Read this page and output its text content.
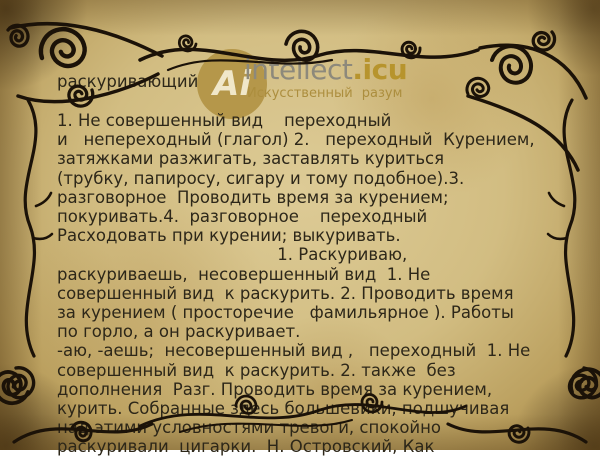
Ai
intellect.icu
Искусственный разум
раскуривающий
1. Не совершенный вид    переходный
и   непереходный (глагол) 2.   переходный  Курением,
затяжками разжигать, заставлять куриться
(трубку, папиросу, сигару и тому подобное).3.
разговорное  Проводить время за курением;
покуривать.4.  разговорное    переходный
Расходовать при курении; выкуривать.
1. Раскуриваю,
раскуриваешь,  несовершенный вид  1. Не
совершенный вид  к раскурить. 2. Проводить время
за курением ( просторечие   фамильярное ). Работы
по горло, а он раскуривает.
-аю, -аешь;  несовершенный вид ,   переходный  1. Не
совершенный вид  к раскурить. 2. также  без
дополнения  Разг. Проводить время за курением,
курить. Собранные здесь большевики, подшучивая
над этими условностями тревоги, спокойно
раскуривали  цигарки.  Н. Островский, Как
